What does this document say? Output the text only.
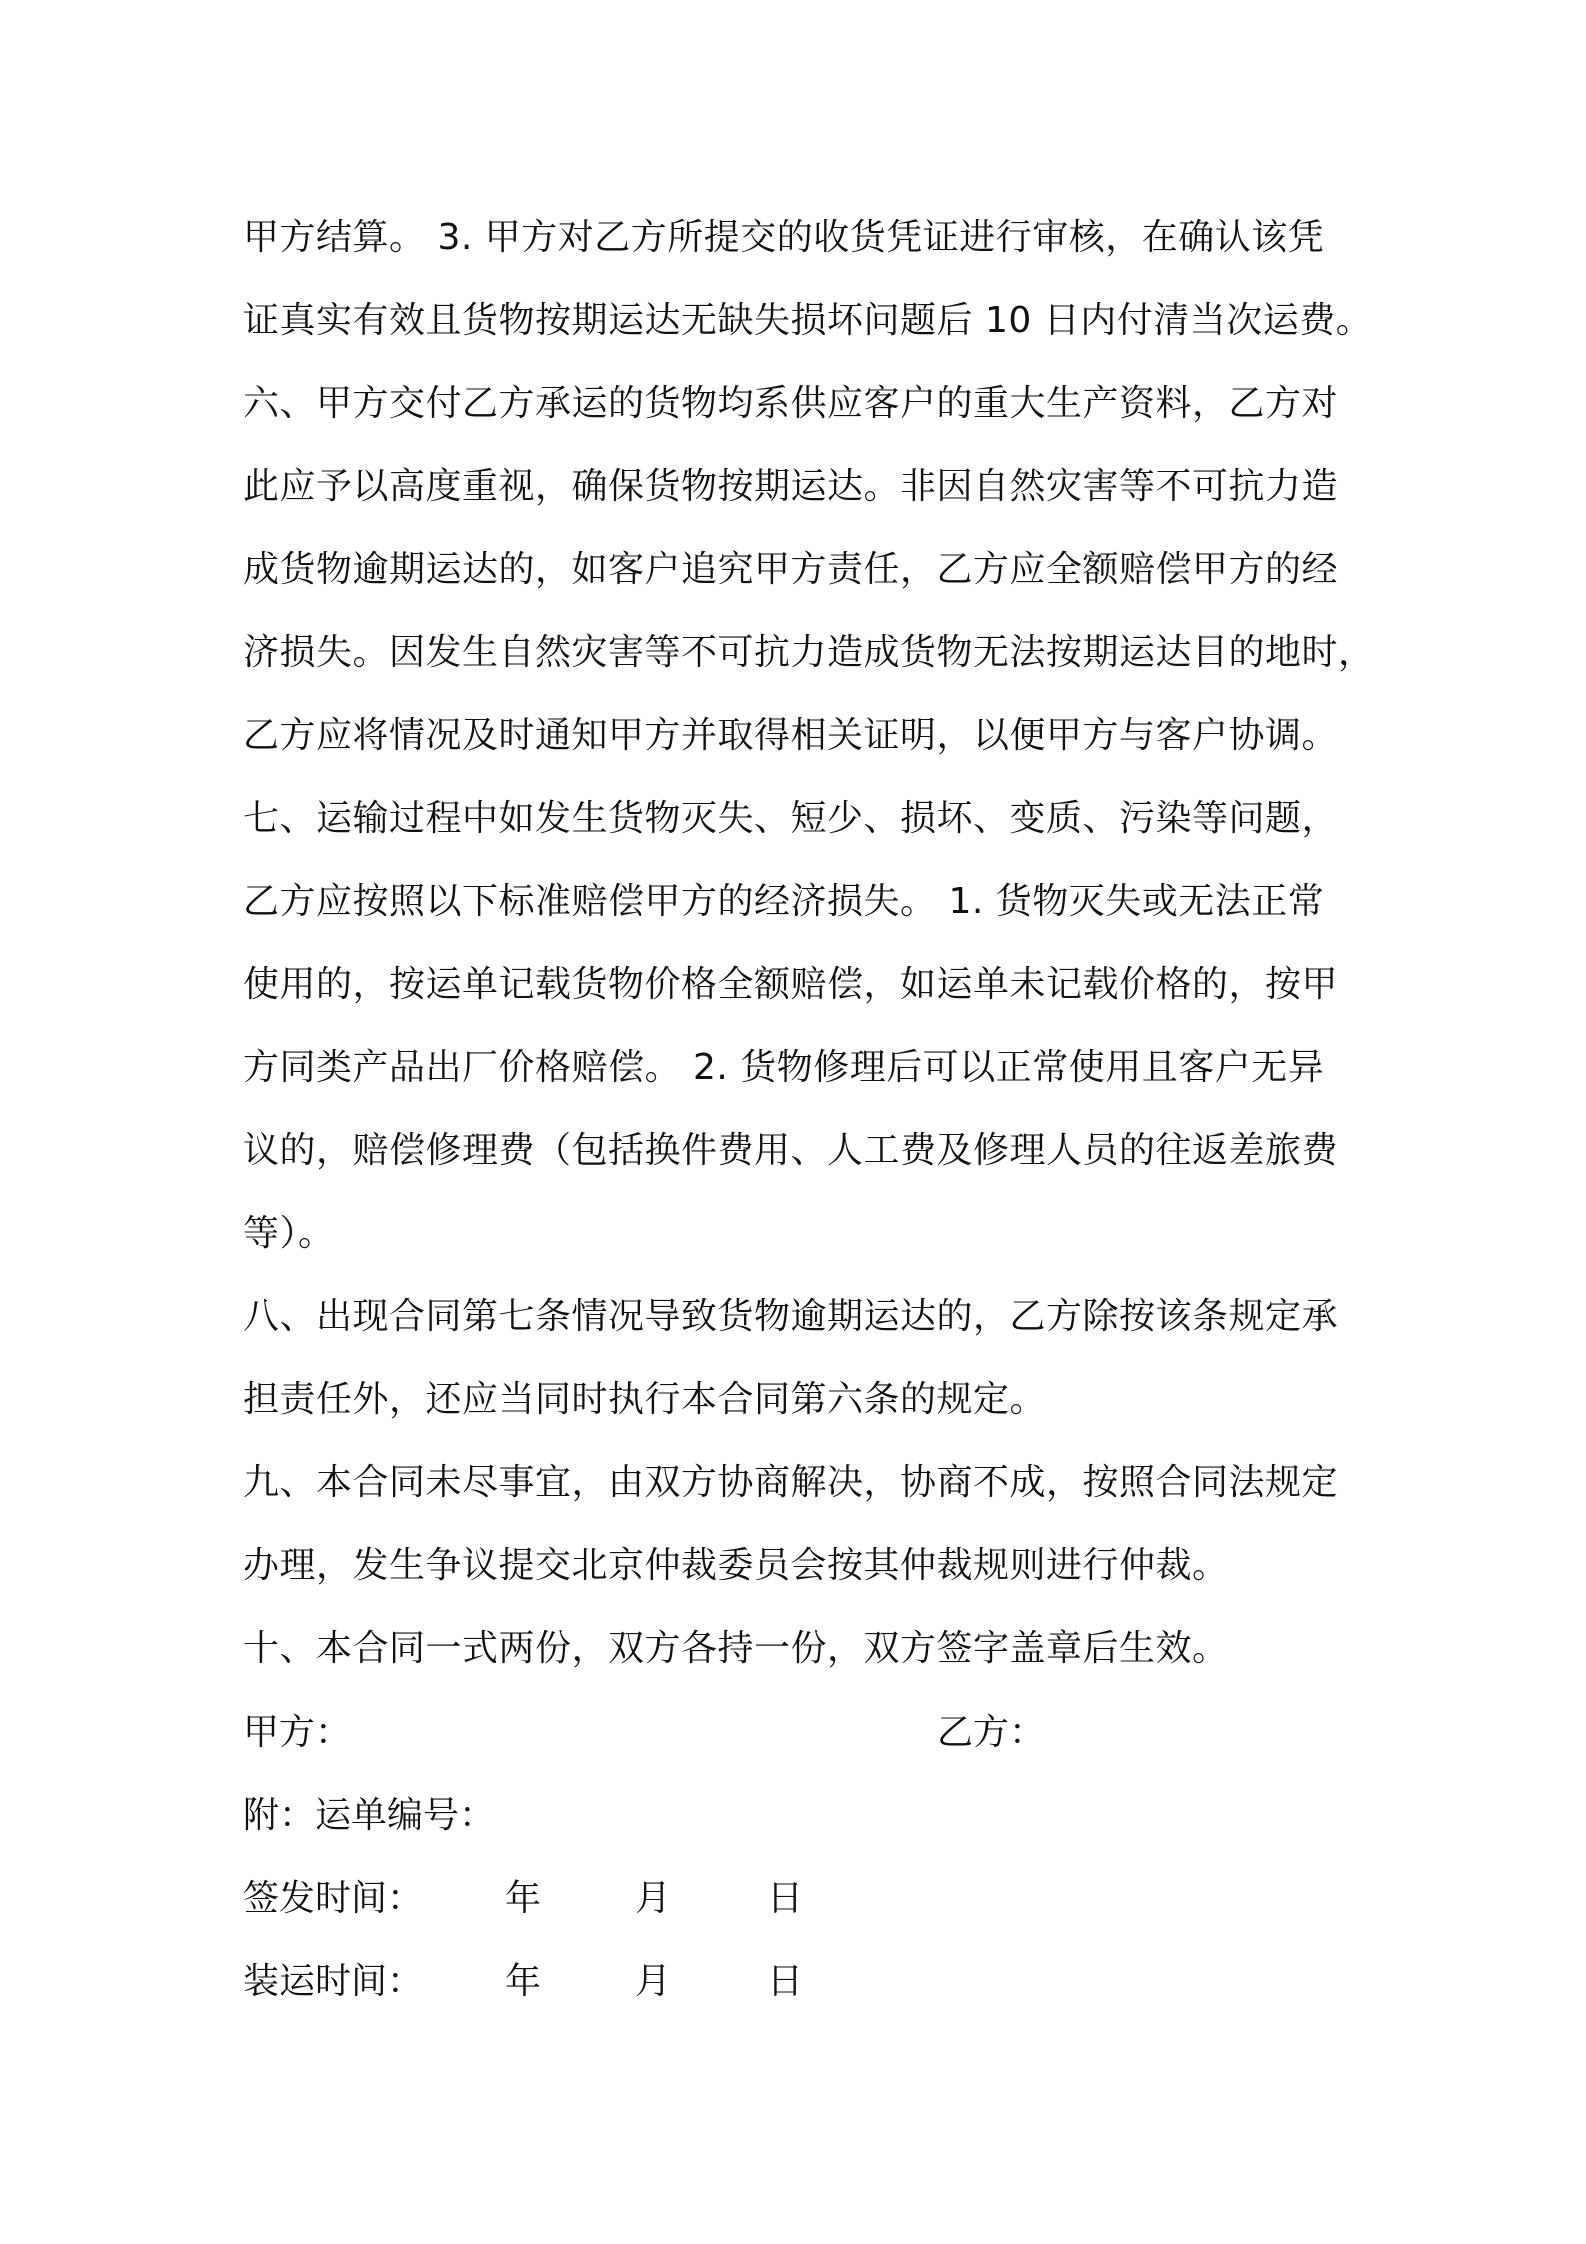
甲方结算。 3. 甲方对乙方所提交的收货凭证进行审核，在确认该凭
证真实有效且货物按期运达无缺失损坏问题后 10 日内付清当次运费。
六、甲方交付乙方承运的货物均系供应客户的重大生产资料，乙方对
此应予以高度重视，确保货物按期运达。非因自然灾害等不可抗力造
成货物逾期运达的，如客户追究甲方责任，乙方应全额赔偿甲方的经
济损失。因发生自然灾害等不可抗力造成货物无法按期运达目的地时，
乙方应将情况及时通知甲方并取得相关证明，以便甲方与客户协调。
七、运输过程中如发生货物灭失、短少、损坏、变质、污染等问题，
乙方应按照以下标准赔偿甲方的经济损失。 1. 货物灭失或无法正常
使用的，按运单记载货物价格全额赔偿，如运单未记载价格的，按甲
方同类产品出厂价格赔偿。 2. 货物修理后可以正常使用且客户无异
议的，赔偿修理费（包括换件费用、人工费及修理人员的往返差旅费
等）。
八、出现合同第七条情况导致货物逾期运达的，乙方除按该条规定承
担责任外，还应当同时执行本合同第六条的规定。
九、本合同未尽事宜，由双方协商解决，协商不成，按照合同法规定
办理，发生争议提交北京仲裁委员会按其仲裁规则进行仲裁。
十、本合同一式两份，双方各持一份，双方签字盖章后生效。
甲方：	乙方：
附：运单编号：
签发时间： 年	月	日
装运时间： 年	月	日
